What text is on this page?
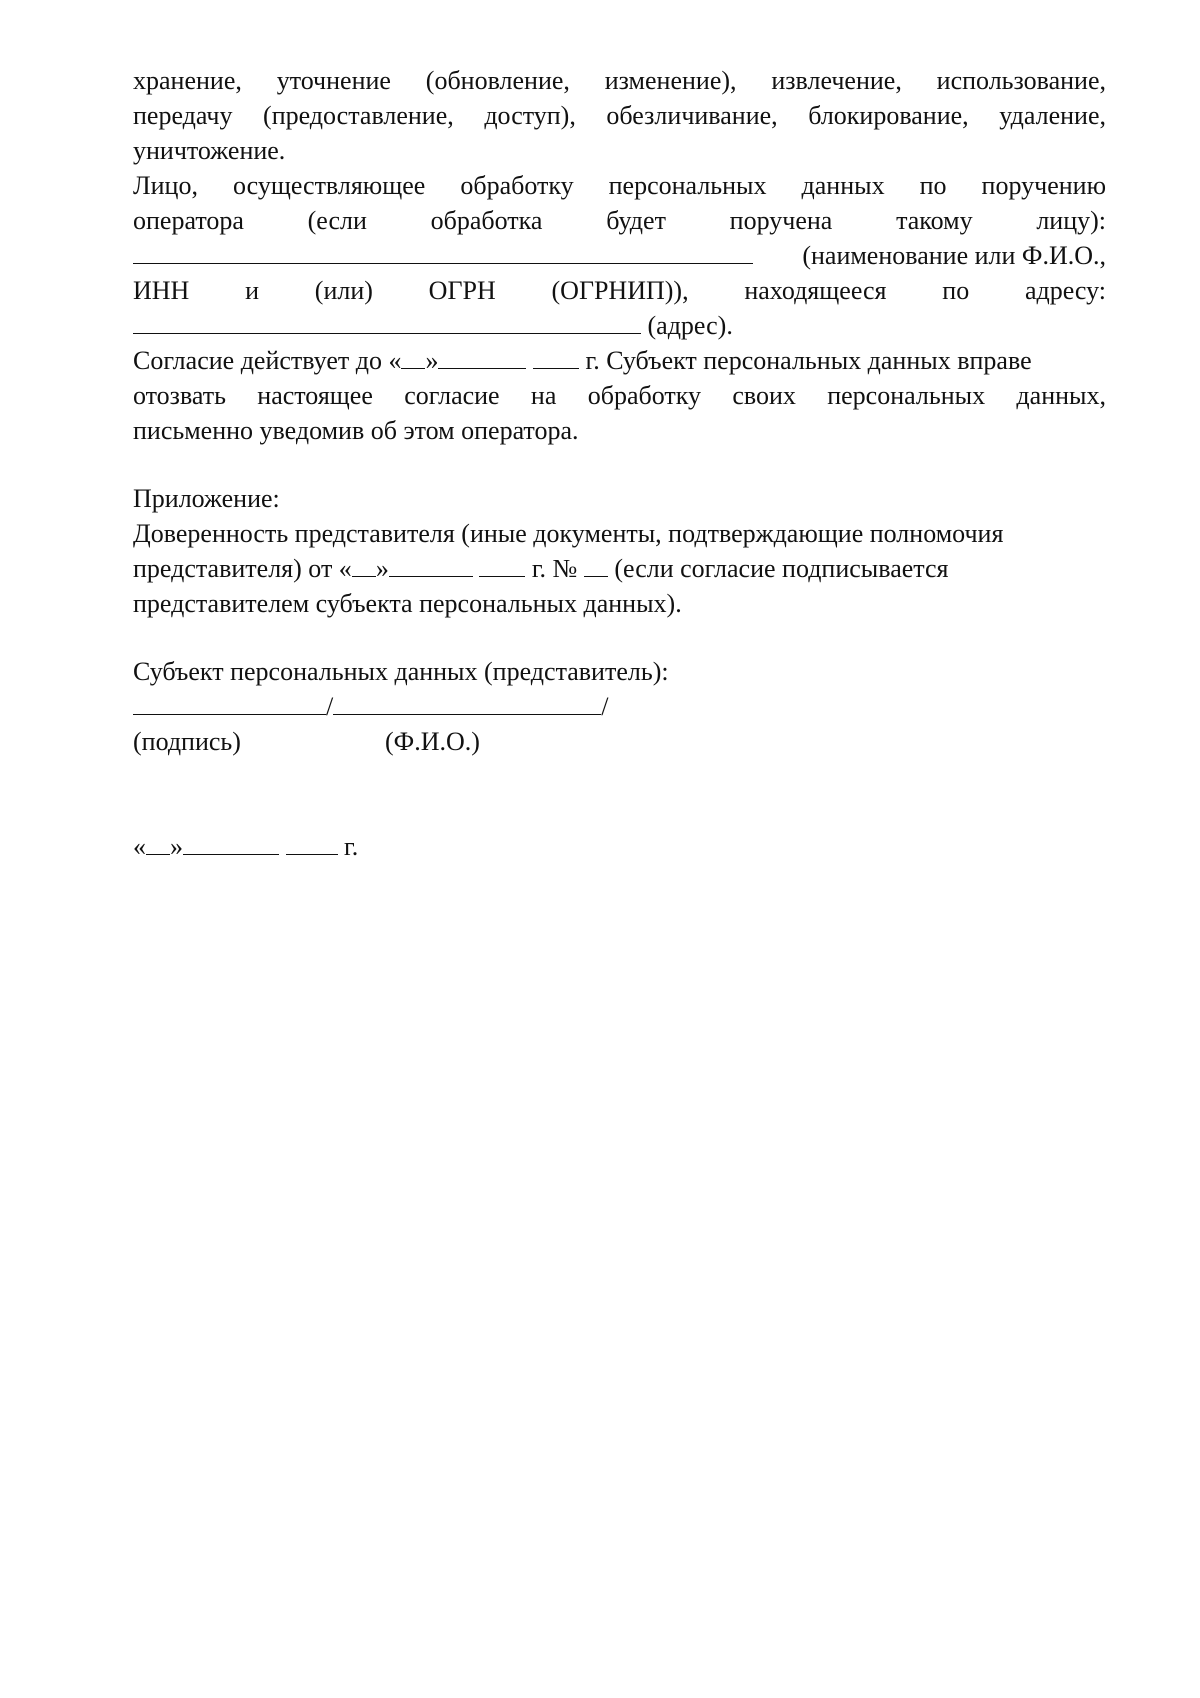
хранение, уточнение (обновление, изменение), извлечение, использование,
передачу (предоставление, доступ), обезличивание, блокирование, удаление,
уничтожение.
Лицо, осуществляющее обработку персональных данных по поручению
оператора (если обработка будет поручена такому лицу):
(наименование или Ф.И.О.,
ИНН и (или) ОГРН (ОГРНИП)), находящееся по адресу:
(адрес).
Согласие действует до « »	г. Субъект персональных данных вправе
отозвать настоящее согласие на обработку своих персональных данных,
письменно уведомив об этом оператора.
Приложение:
Доверенность представителя (иные документы, подтверждающие полномочия
представителя) от « »	г. № (если согласие подписывается
представителем субъекта персональных данных).
Субъект персональных данных (представитель):
/	/
(подпись)	(Ф.И.О.)
« »	г.
